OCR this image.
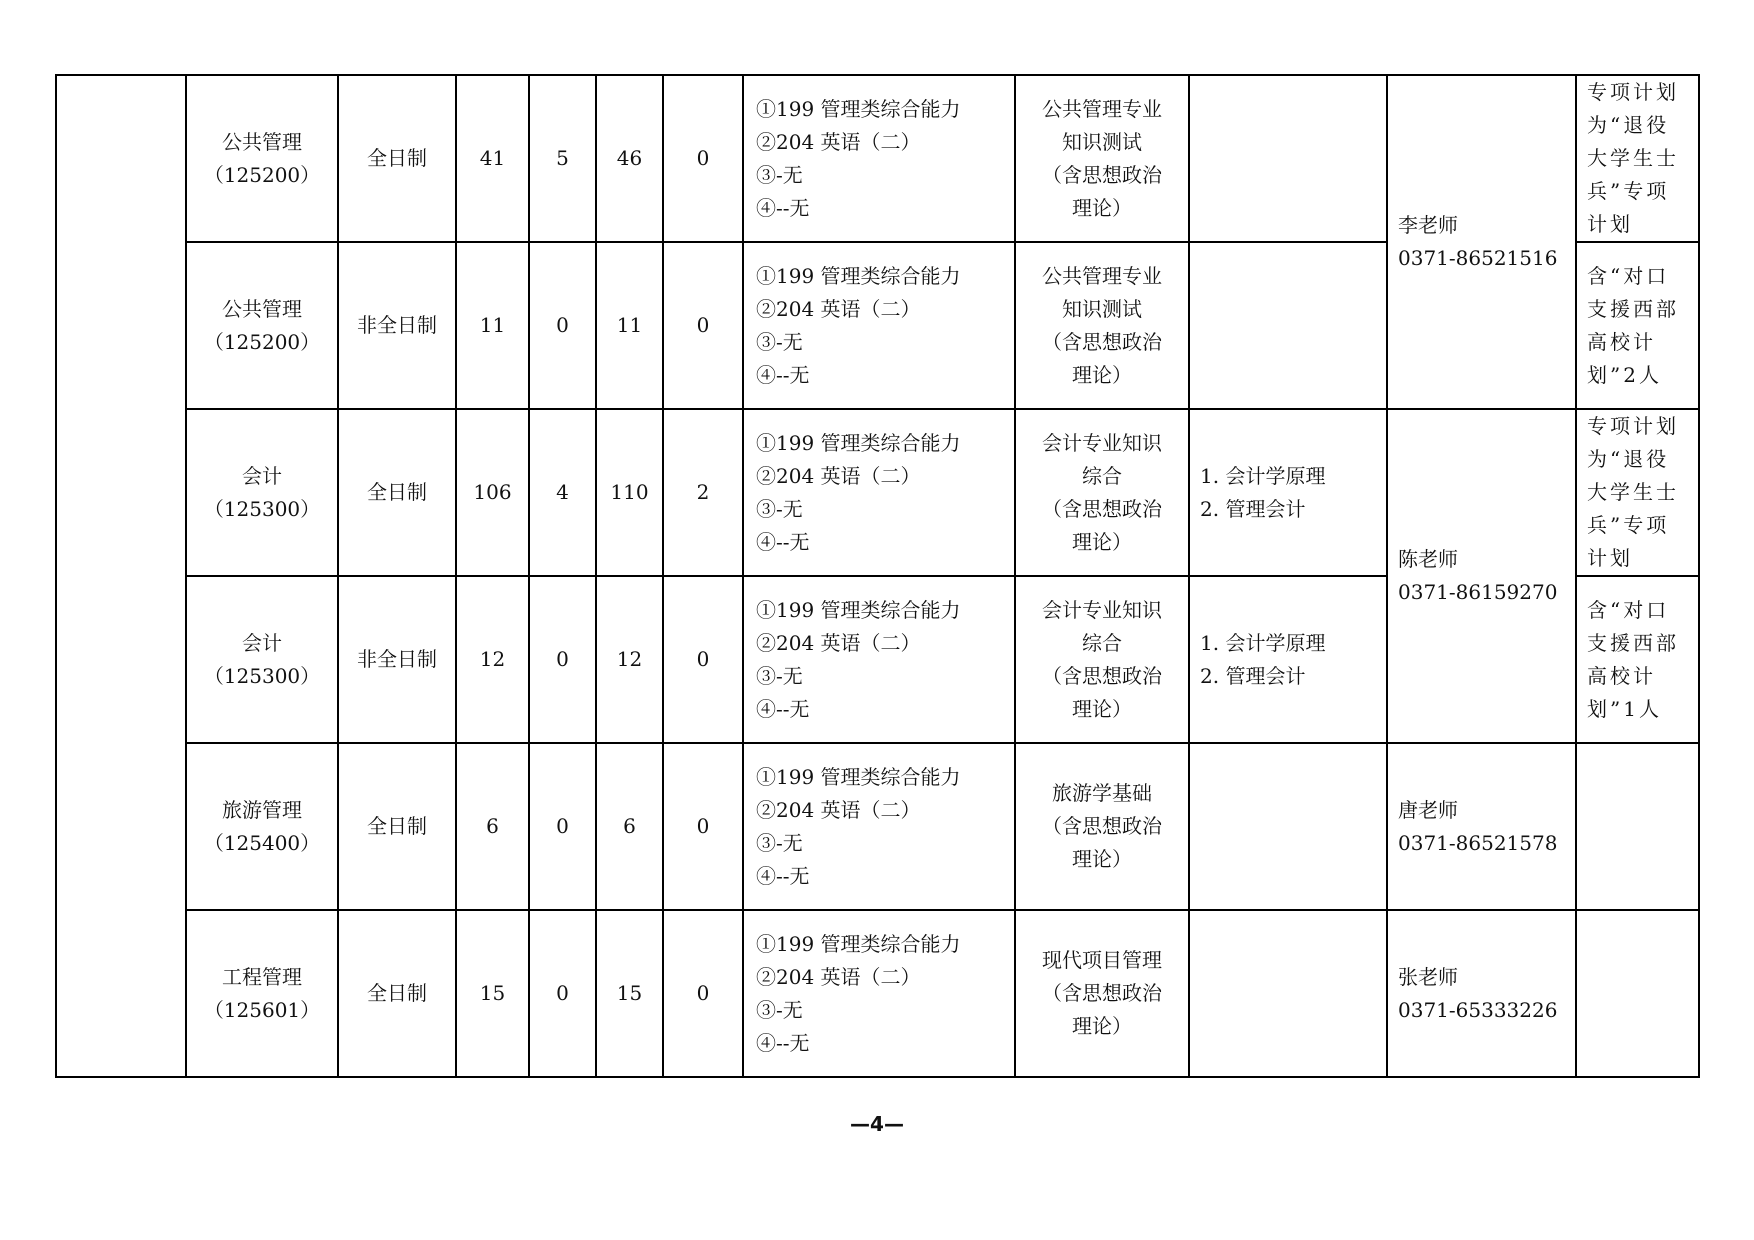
	公共管理
（125200）	全日制	41	5	46	0	①199 管理类综合能力
②204 英语（二）
③-无
④--无	公共管理专业
知识测试
（含思想政治
理论）		李老师
0371-86521516	专项计划为“退役大学生士兵”专项计划

	公共管理
（125200）	非全日制	11	0	11	0	①199 管理类综合能力
②204 英语（二）
③-无
④--无	公共管理专业
知识测试
（含思想政治
理论）			含“对口支援西部高校计划”2人

	会计
（125300）	全日制	106	4	110	2	①199 管理类综合能力
②204 英语（二）
③-无
④--无	会计专业知识
综合
（含思想政治
理论）	1. 会计学原理
2. 管理会计	陈老师
0371-86159270	专项计划为“退役大学生士兵”专项计划

	会计
（125300）	非全日制	12	0	12	0	①199 管理类综合能力
②204 英语（二）
③-无
④--无	会计专业知识
综合
（含思想政治
理论）	1. 会计学原理
2. 管理会计		含“对口支援西部高校计划”1人

	旅游管理
（125400）	全日制	6	0	6	0	①199 管理类综合能力
②204 英语（二）
③-无
④--无	旅游学基础
（含思想政治
理论）		唐老师
0371-86521578	

	工程管理
（125601）	全日制	15	0	15	0	①199 管理类综合能力
②204 英语（二）
③-无
④--无	现代项目管理
（含思想政治
理论）		张老师
0371-65333226	

—4—
